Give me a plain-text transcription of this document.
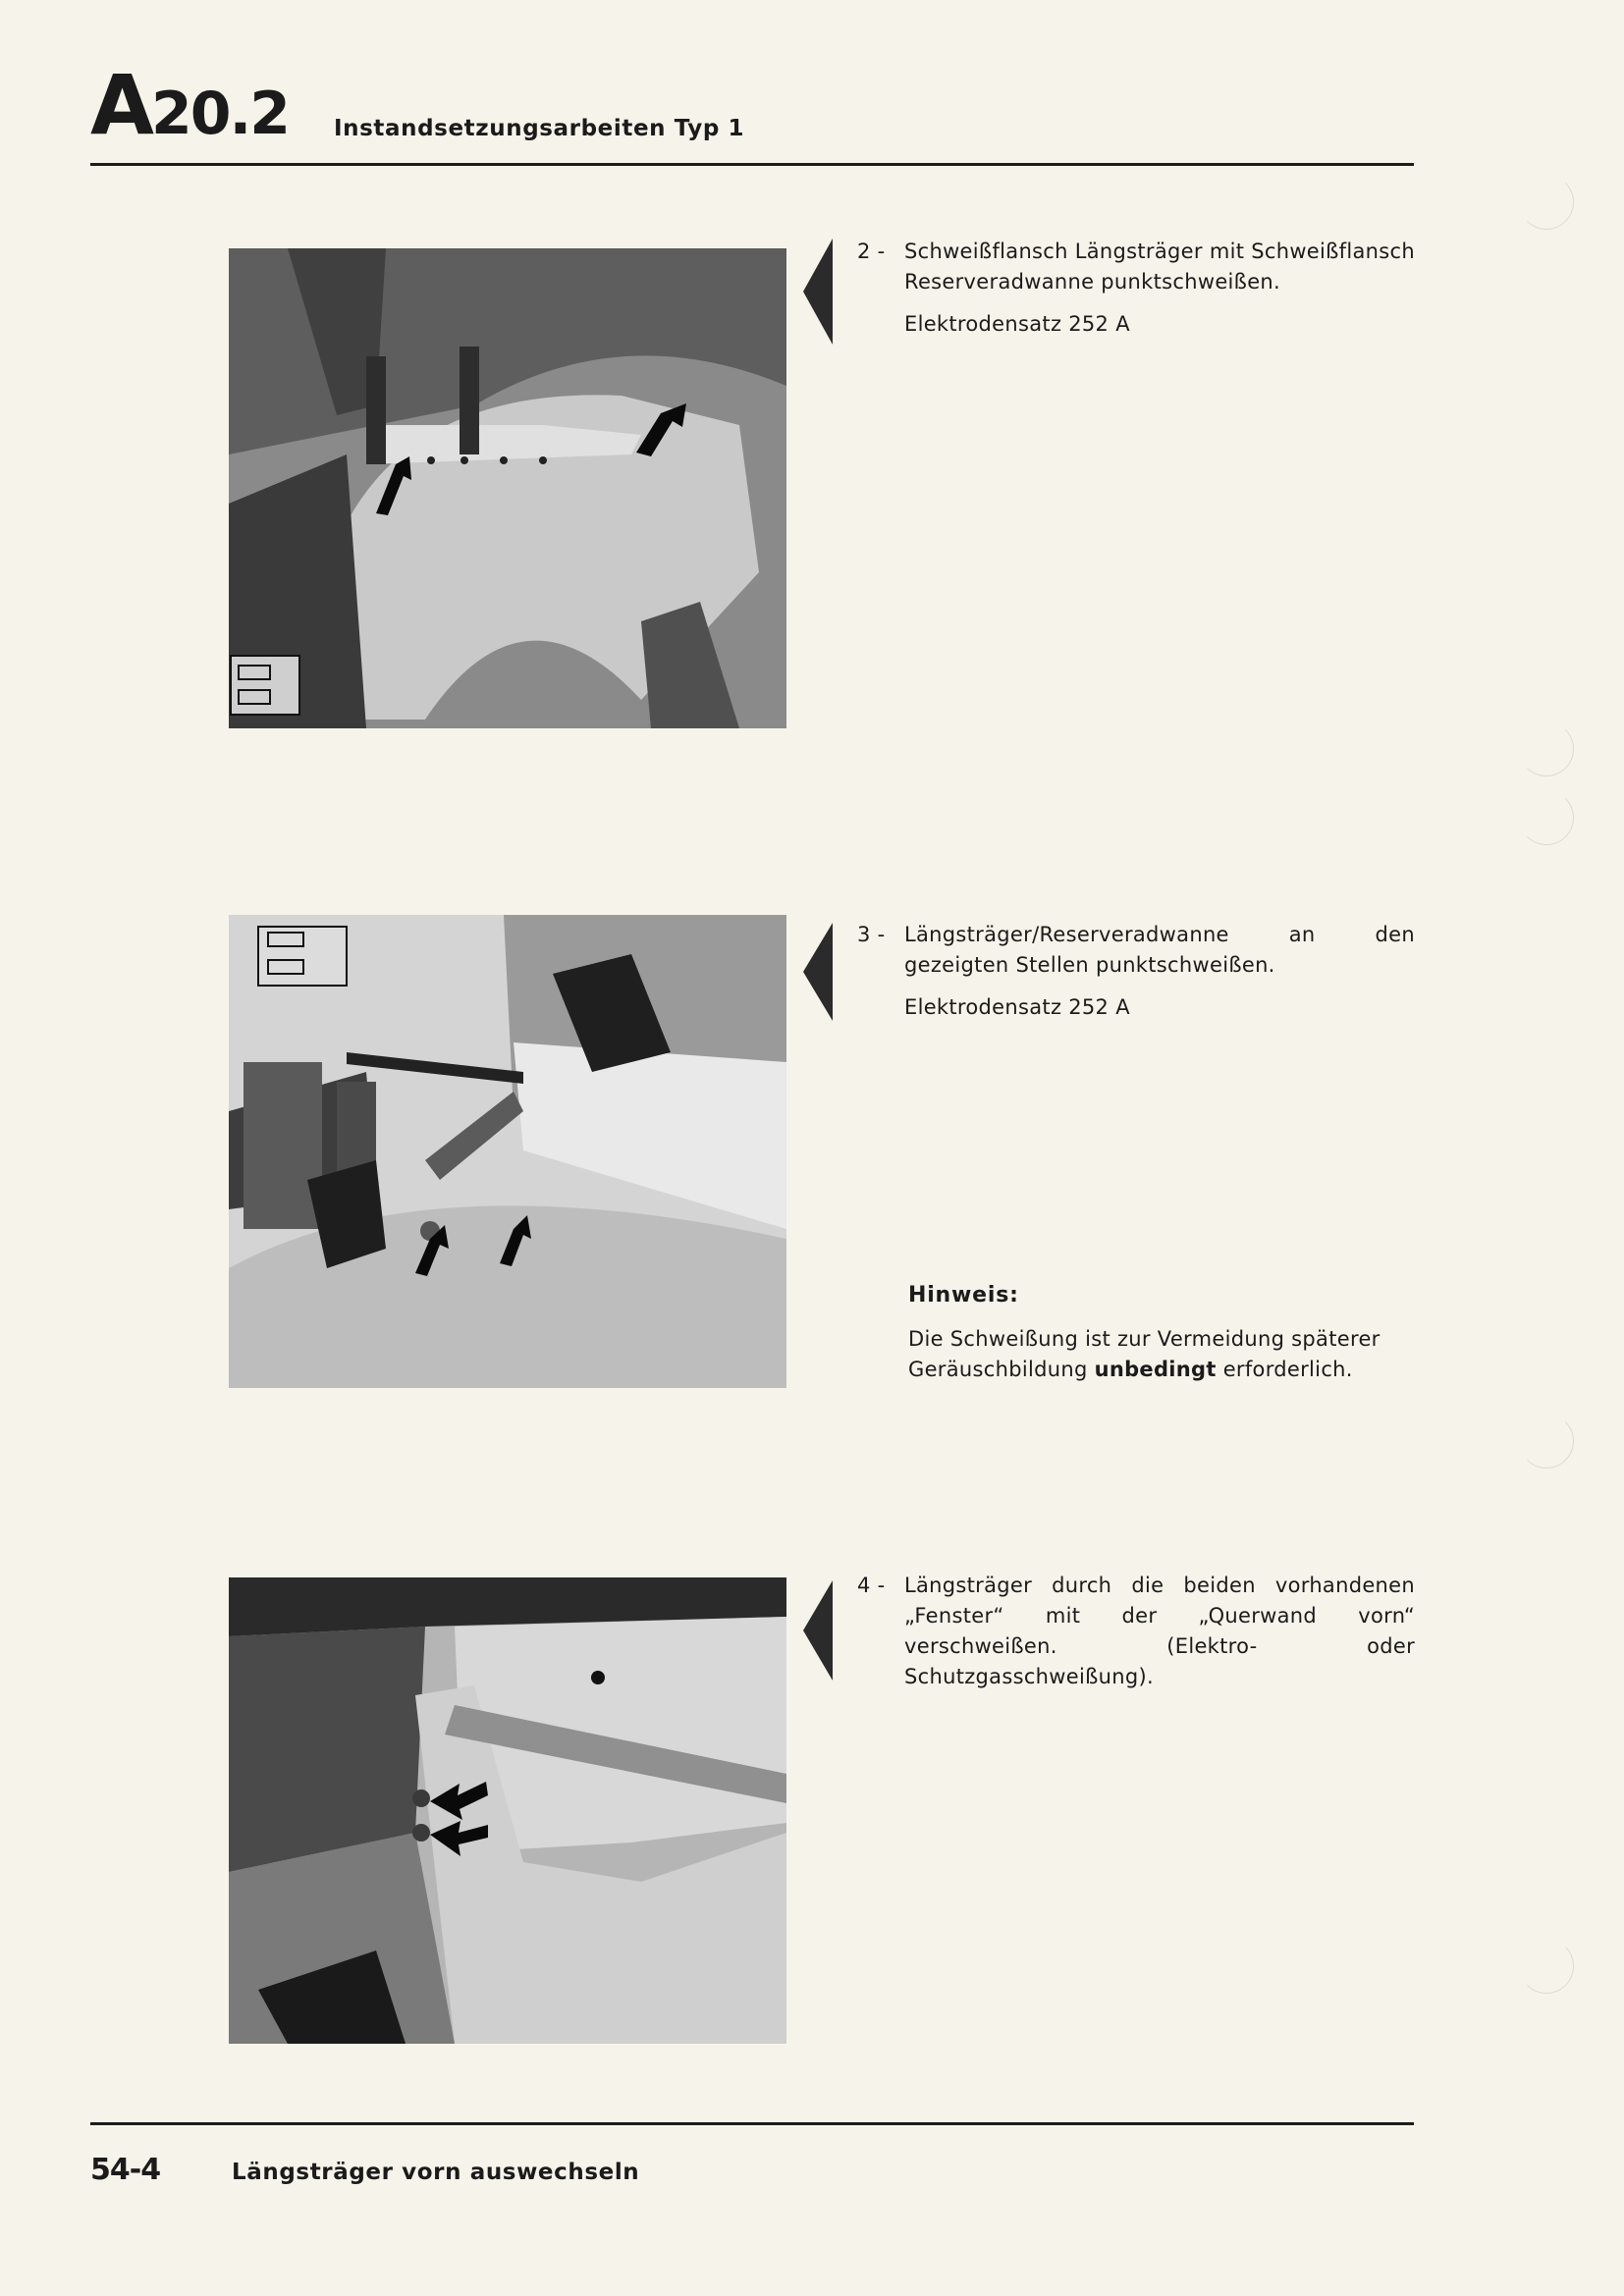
A20.2 Instandsetzungsarbeiten Typ 1
2 - Schweißflansch Längsträger mit Schweißflansch Reserveradwanne punktschweißen.
Elektrodensatz 252 A
3 - Längsträger/Reserveradwanne an den gezeigten Stellen punktschweißen.
Elektrodensatz 252 A
Hinweis:
Die Schweißung ist zur Vermeidung späterer Geräuschbildung unbedingt erforderlich.
4 - Längsträger durch die beiden vorhandenen „Fenster“ mit der „Querwand vorn“ verschweißen. (Elektro- oder Schutzgasschweißung).
54-4	Längsträger vorn auswechseln
